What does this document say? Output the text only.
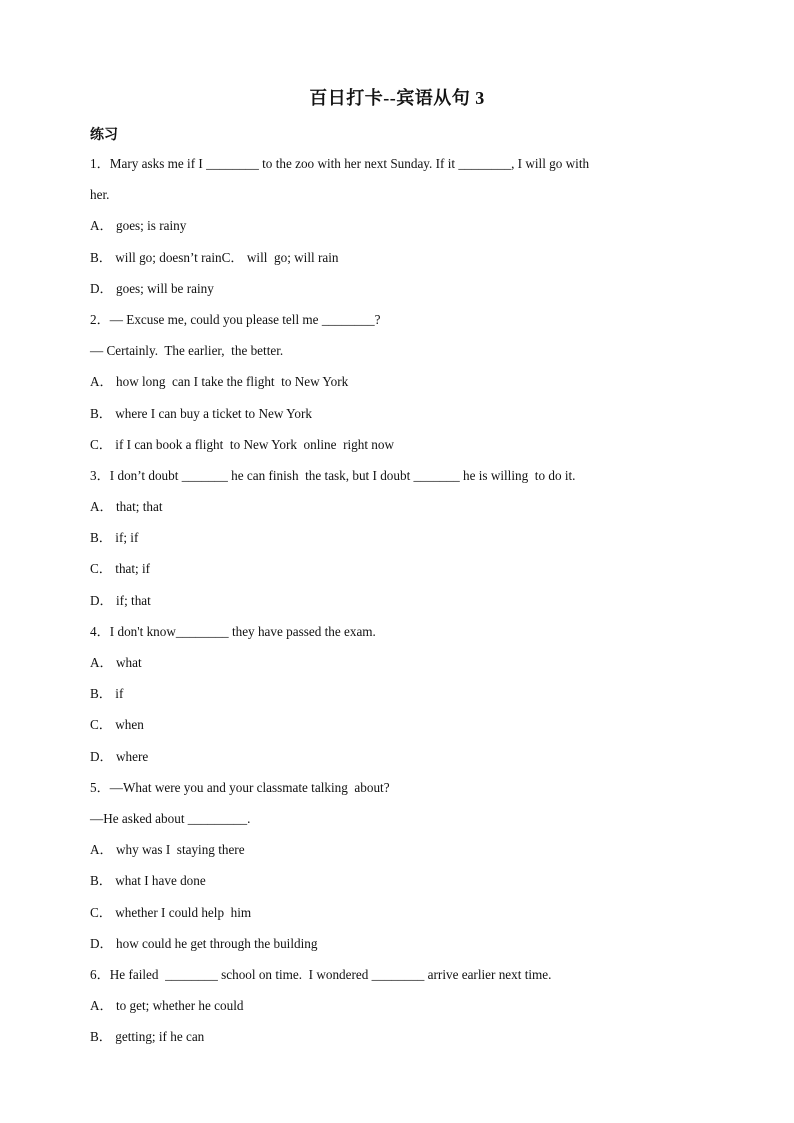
百日打卡--宾语从句 3
练习
1．Mary asks me if I ________ to the zoo with her next Sunday. If it ________, I will go with
her.
A． goes; is rainy
B． will go; doesn’t rainC． will  go; will rain
D． goes; will be rainy
2．— Excuse me, could you please tell me ________?
— Certainly.  The earlier,  the better.
A． how long  can I take the flight  to New York
B． where I can buy a ticket to New York
C． if I can book a flight  to New York  online  right now
3．I don’t doubt _______ he can finish  the task, but I doubt _______ he is willing  to do it.
A． that; that
B． if; if
C． that; if
D． if; that
4．I don't know________ they have passed the exam.
A． what
B． if
C． when
D． where
5．—What were you and your classmate talking  about?
—He asked about _________.
A． why was I  staying there
B． what I have done
C． whether I could help  him
D． how could he get through the building
6．He failed  ________ school on time.  I wondered ________ arrive earlier next time.
A． to get; whether he could
B． getting; if he can
